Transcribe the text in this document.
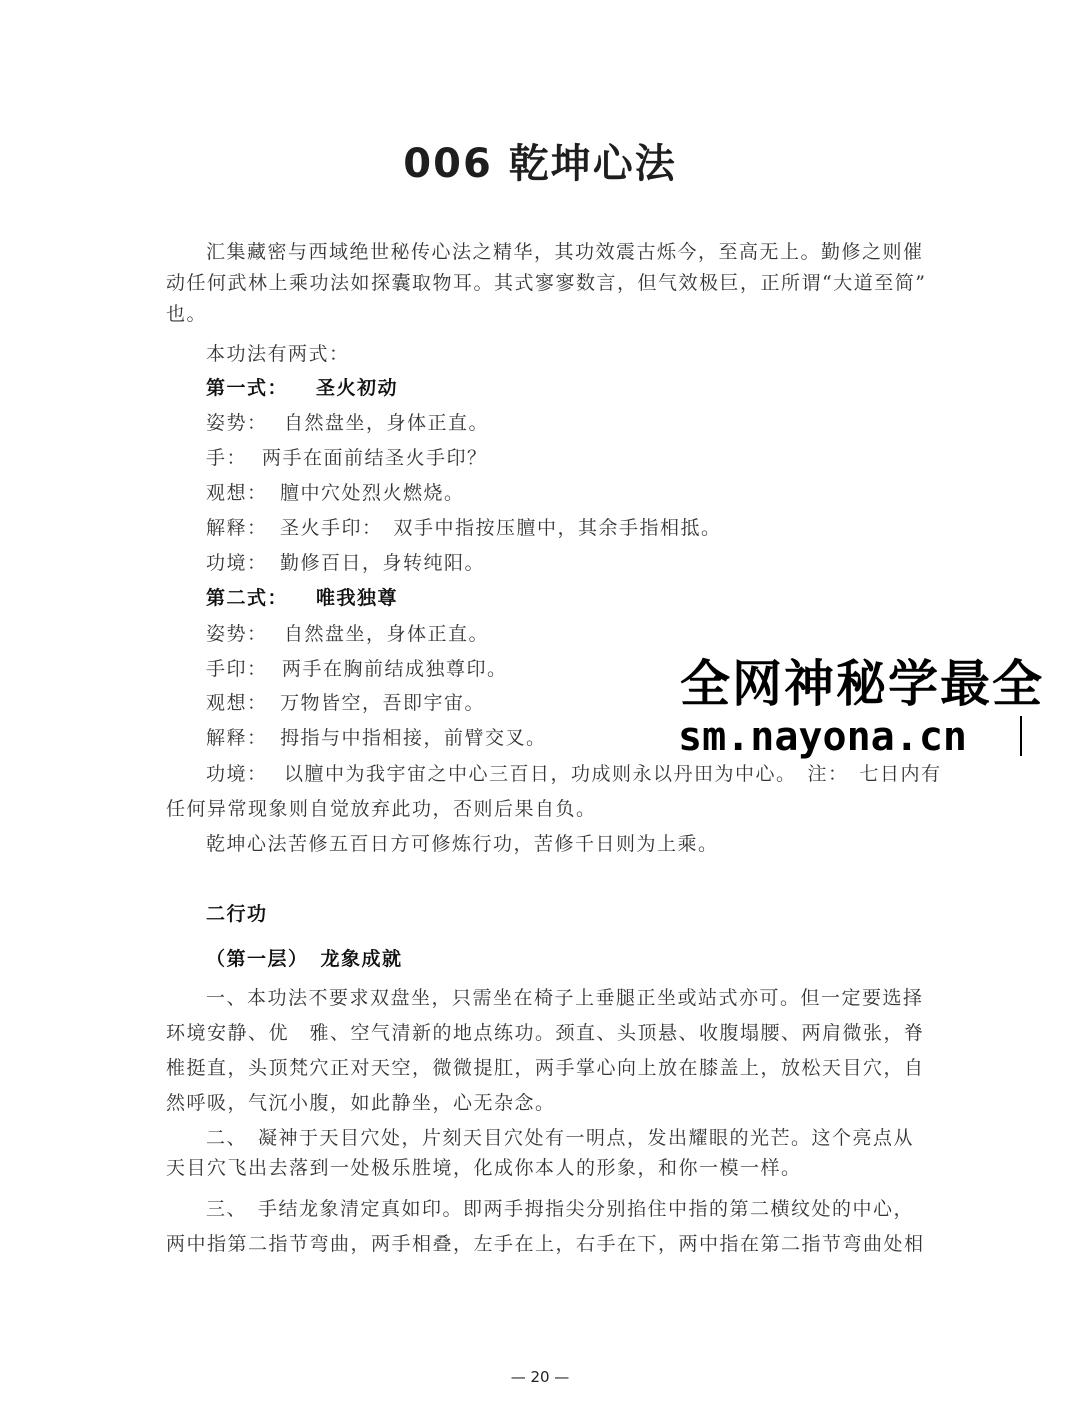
006 乾坤心法
汇集藏密与西域绝世秘传心法之精华，其功效震古烁今，至高无上。勤修之则催
动任何武林上乘功法如探囊取物耳。其式寥寥数言，但气效极巨，正所谓“大道至简”
也。
本功法有两式：
第一式： 圣火初动
姿势： 自然盘坐，身体正直。
手： 两手在面前结圣火手印？
观想： 膻中穴处烈火燃烧。
解释： 圣火手印：　双手中指按压膻中，其余手指相抵。
功境： 勤修百日，身转纯阳。
第二式： 唯我独尊
姿势： 自然盘坐，身体正直。
手印： 两手在胸前结成独尊印。
观想： 万物皆空，吾即宇宙。
解释： 拇指与中指相接，前臂交叉。
功境： 以膻中为我宇宙之中心三百日，功成则永以丹田为中心。　注：　七日内有
任何异常现象则自觉放弃此功，否则后果自负。
乾坤心法苦修五百日方可修炼行功，苦修千日则为上乘。
二行功
（第一层） 龙象成就
一、本功法不要求双盘坐，只需坐在椅子上垂腿正坐或站式亦可。但一定要选择
环境安静、优　雅、空气清新的地点练功。颈直、头顶悬、收腹塌腰、两肩微张，脊
椎挺直，头顶梵穴正对天空，微微提肛，两手掌心向上放在膝盖上，放松天目穴，自
然呼吸，气沉小腹，如此静坐，心无杂念。
二、　凝神于天目穴处，片刻天目穴处有一明点，发出耀眼的光芒。这个亮点从
天目穴飞出去落到一处极乐胜境，化成你本人的形象，和你一模一样。
三、　手结龙象清定真如印。即两手拇指尖分别掐住中指的第二横纹处的中心，
两中指第二指节弯曲，两手相叠，左手在上，右手在下，两中指在第二指节弯曲处相
全网神秘学最全
sm.nayona.cn
— 20 —
